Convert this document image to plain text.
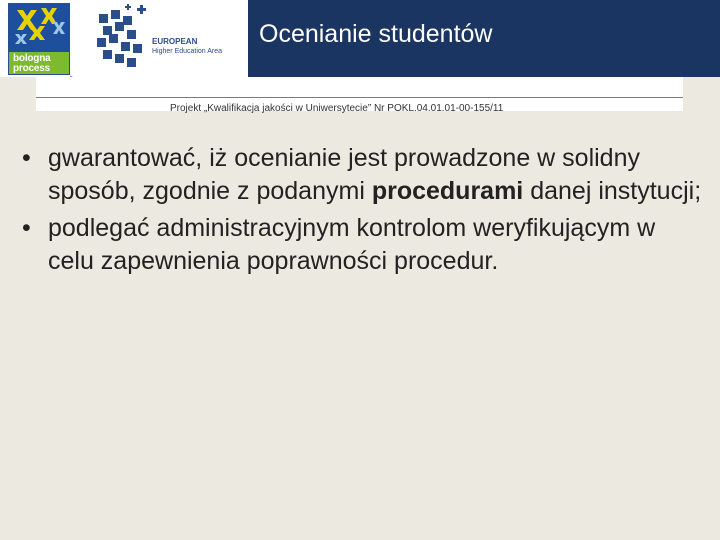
bologna
process
EUROPEAN
Higher Education Area
Ocenianie studentów
Projekt „Kwalifikacja jakości w Uniwersytecie” Nr POKL.04.01.01-00-155/11
• gwarantować, iż ocenianie jest prowadzone w solidny sposób, zgodnie z podanymi procedurami danej instytucji;
• podlegać administracyjnym kontrolom weryfikującym w celu zapewnienia poprawności procedur.
